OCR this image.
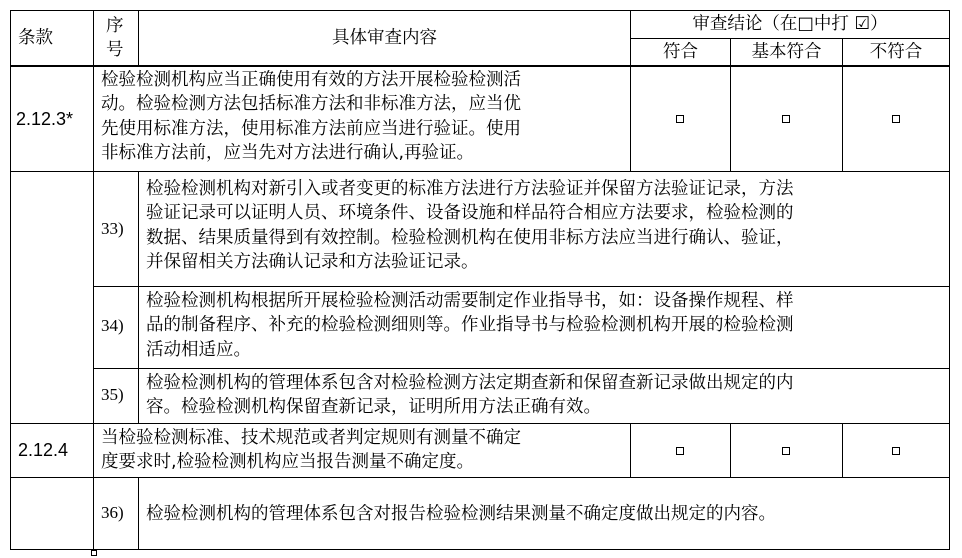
条款
序
号
具体审查内容
审查结论（在□中打 ☑）
符合	基本符合	不符合
2.12.3*
检验检测机构应当正确使用有效的方法开展检验检测活
动。检验检测方法包括标准方法和非标准方法，应当优
先使用标准方法，使用标准方法前应当进行验证。使用
非标准方法前，应当先对方法进行确认,再验证。
33)
检验检测机构对新引入或者变更的标准方法进行方法验证并保留方法验证记录，方法
验证记录可以证明人员、环境条件、设备设施和样品符合相应方法要求，检验检测的
数据、结果质量得到有效控制。检验检测机构在使用非标方法应当进行确认、验证，
并保留相关方法确认记录和方法验证记录。
34)
检验检测机构根据所开展检验检测活动需要制定作业指导书，如：设备操作规程、样
品的制备程序、补充的检验检测细则等。作业指导书与检验检测机构开展的检验检测
活动相适应。
35)
检验检测机构的管理体系包含对检验检测方法定期查新和保留查新记录做出规定的内
容。检验检测机构保留查新记录，证明所用方法正确有效。
2.12.4
当检验检测标准、技术规范或者判定规则有测量不确定
度要求时,检验检测机构应当报告测量不确定度。
36) 检验检测机构的管理体系包含对报告检验检测结果测量不确定度做出规定的内容。
